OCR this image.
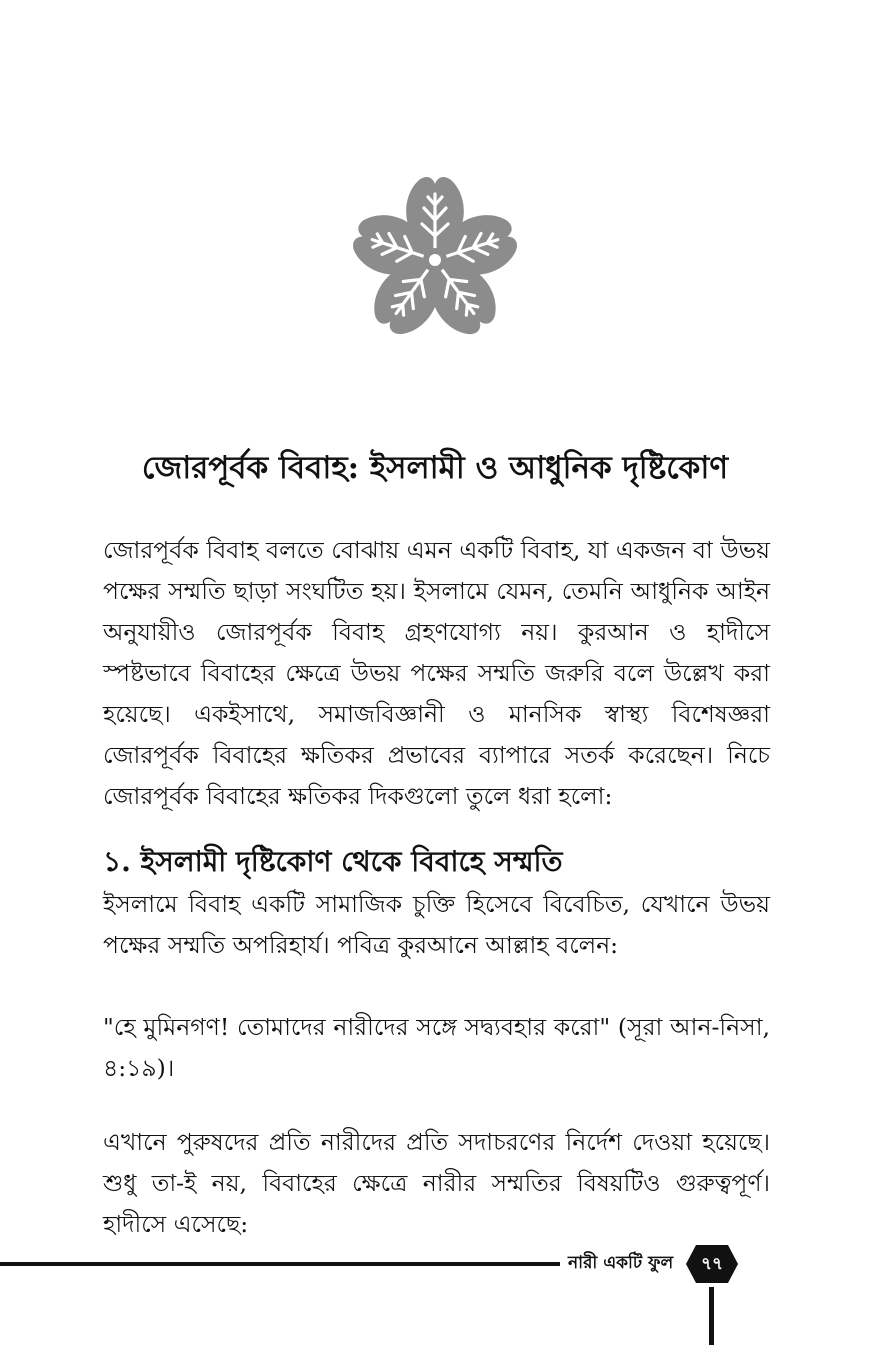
জোরপূর্বক বিবাহ: ইসলামী ও আধুনিক দৃষ্টিকোণ
জোরপূর্বক বিবাহ বলতে বোঝায় এমন একটি বিবাহ, যা একজন বা উভয় পক্ষের সম্মতি ছাড়া সংঘটিত হয়। ইসলামে যেমন, তেমনি আধুনিক আইন অনুযায়ীও জোরপূর্বক বিবাহ গ্রহণযোগ্য নয়। কুরআন ও হাদীসে স্পষ্টভাবে বিবাহের ক্ষেত্রে উভয় পক্ষের সম্মতি জরুরি বলে উল্লেখ করা হয়েছে। একইসাথে, সমাজবিজ্ঞানী ও মানসিক স্বাস্থ্য বিশেষজ্ঞরা জোরপূর্বক বিবাহের ক্ষতিকর প্রভাবের ব্যাপারে সতর্ক করেছেন। নিচে জোরপূর্বক বিবাহের ক্ষতিকর দিকগুলো তুলে ধরা হলো:
১. ইসলামী দৃষ্টিকোণ থেকে বিবাহে সম্মতি
ইসলামে বিবাহ একটি সামাজিক চুক্তি হিসেবে বিবেচিত, যেখানে উভয় পক্ষের সম্মতি অপরিহার্য। পবিত্র কুরআনে আল্লাহ বলেন:
"হে মুমিনগণ! তোমাদের নারীদের সঙ্গে সদ্ব্যবহার করো" (সূরা আন-নিসা, ৪:১৯)।
এখানে পুরুষদের প্রতি নারীদের প্রতি সদাচরণের নির্দেশ দেওয়া হয়েছে। শুধু তা-ই নয়, বিবাহের ক্ষেত্রে নারীর সম্মতির বিষয়টিও গুরুত্বপূর্ণ। হাদীসে এসেছে:
নারী একটি ফুল	৭৭
